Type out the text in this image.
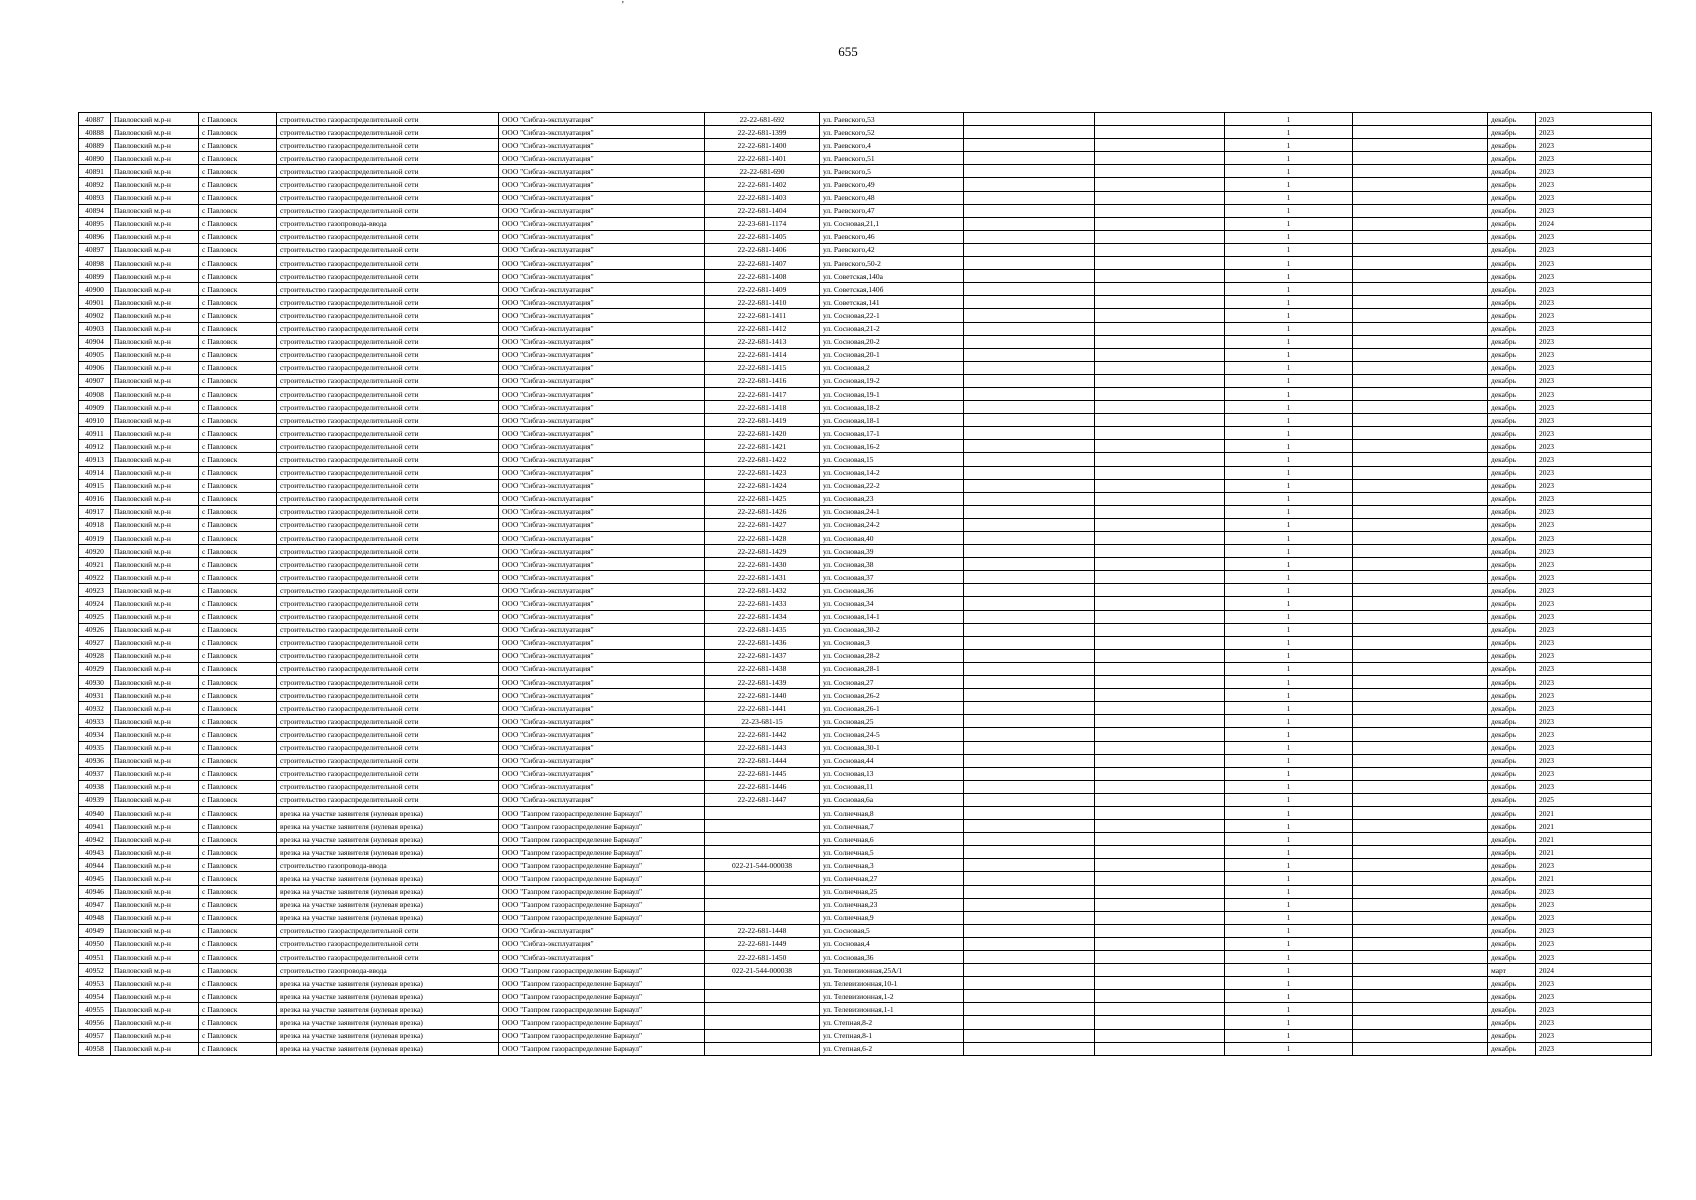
'
655
40887	Павловский м.р-н	с Павловск	строительство газораспределительной сети	ООО "Сибгаз-эксплуатация"	22-22-681-692	ул. Раевского,53			1		декабрь	2023
40888	Павловский м.р-н	с Павловск	строительство газораспределительной сети	ООО "Сибгаз-эксплуатация"	22-22-681-1399	ул. Раевского,52			1		декабрь	2023
40889	Павловский м.р-н	с Павловск	строительство газораспределительной сети	ООО "Сибгаз-эксплуатация"	22-22-681-1400	ул. Раевского,4			1		декабрь	2023
40890	Павловский м.р-н	с Павловск	строительство газораспределительной сети	ООО "Сибгаз-эксплуатация"	22-22-681-1401	ул. Раевского,51			1		декабрь	2023
40891	Павловский м.р-н	с Павловск	строительство газораспределительной сети	ООО "Сибгаз-эксплуатация"	22-22-681-690	ул. Раевского,5			1		декабрь	2023
40892	Павловский м.р-н	с Павловск	строительство газораспределительной сети	ООО "Сибгаз-эксплуатация"	22-22-681-1402	ул. Раевского,49			1		декабрь	2023
40893	Павловский м.р-н	с Павловск	строительство газораспределительной сети	ООО "Сибгаз-эксплуатация"	22-22-681-1403	ул. Раевского,48			1		декабрь	2023
40894	Павловский м.р-н	с Павловск	строительство газораспределительной сети	ООО "Сибгаз-эксплуатация"	22-22-681-1404	ул. Раевского,47			1		декабрь	2023
40895	Павловский м.р-н	с Павловск	строительство газопровода-ввода	ООО "Сибгаз-эксплуатация"	22-23-681-1174	ул. Сосновая,21,1			1		декабрь	2024
40896	Павловский м.р-н	с Павловск	строительство газораспределительной сети	ООО "Сибгаз-эксплуатация"	22-22-681-1405	ул. Раевского,46			1		декабрь	2023
40897	Павловский м.р-н	с Павловск	строительство газораспределительной сети	ООО "Сибгаз-эксплуатация"	22-22-681-1406	ул. Раевского,42			1		декабрь	2023
40898	Павловский м.р-н	с Павловск	строительство газораспределительной сети	ООО "Сибгаз-эксплуатация"	22-22-681-1407	ул. Раевского,50-2			1		декабрь	2023
40899	Павловский м.р-н	с Павловск	строительство газораспределительной сети	ООО "Сибгаз-эксплуатация"	22-22-681-1408	ул. Советская,140а			1		декабрь	2023
40900	Павловский м.р-н	с Павловск	строительство газораспределительной сети	ООО "Сибгаз-эксплуатация"	22-22-681-1409	ул. Советская,140б			1		декабрь	2023
40901	Павловский м.р-н	с Павловск	строительство газораспределительной сети	ООО "Сибгаз-эксплуатация"	22-22-681-1410	ул. Советская,141			1		декабрь	2023
40902	Павловский м.р-н	с Павловск	строительство газораспределительной сети	ООО "Сибгаз-эксплуатация"	22-22-681-1411	ул. Сосновая,22-1			1		декабрь	2023
40903	Павловский м.р-н	с Павловск	строительство газораспределительной сети	ООО "Сибгаз-эксплуатация"	22-22-681-1412	ул. Сосновая,21-2			1		декабрь	2023
40904	Павловский м.р-н	с Павловск	строительство газораспределительной сети	ООО "Сибгаз-эксплуатация"	22-22-681-1413	ул. Сосновая,20-2			1		декабрь	2023
40905	Павловский м.р-н	с Павловск	строительство газораспределительной сети	ООО "Сибгаз-эксплуатация"	22-22-681-1414	ул. Сосновая,20-1			1		декабрь	2023
40906	Павловский м.р-н	с Павловск	строительство газораспределительной сети	ООО "Сибгаз-эксплуатация"	22-22-681-1415	ул. Сосновая,2			1		декабрь	2023
40907	Павловский м.р-н	с Павловск	строительство газораспределительной сети	ООО "Сибгаз-эксплуатация"	22-22-681-1416	ул. Сосновая,19-2			1		декабрь	2023
40908	Павловский м.р-н	с Павловск	строительство газораспределительной сети	ООО "Сибгаз-эксплуатация"	22-22-681-1417	ул. Сосновая,19-1			1		декабрь	2023
40909	Павловский м.р-н	с Павловск	строительство газораспределительной сети	ООО "Сибгаз-эксплуатация"	22-22-681-1418	ул. Сосновая,18-2			1		декабрь	2023
40910	Павловский м.р-н	с Павловск	строительство газораспределительной сети	ООО "Сибгаз-эксплуатация"	22-22-681-1419	ул. Сосновая,18-1			1		декабрь	2023
40911	Павловский м.р-н	с Павловск	строительство газораспределительной сети	ООО "Сибгаз-эксплуатация"	22-22-681-1420	ул. Сосновая,17-1			1		декабрь	2023
40912	Павловский м.р-н	с Павловск	строительство газораспределительной сети	ООО "Сибгаз-эксплуатация"	22-22-681-1421	ул. Сосновая,16-2			1		декабрь	2023
40913	Павловский м.р-н	с Павловск	строительство газораспределительной сети	ООО "Сибгаз-эксплуатация"	22-22-681-1422	ул. Сосновая,15			1		декабрь	2023
40914	Павловский м.р-н	с Павловск	строительство газораспределительной сети	ООО "Сибгаз-эксплуатация"	22-22-681-1423	ул. Сосновая,14-2			1		декабрь	2023
40915	Павловский м.р-н	с Павловск	строительство газораспределительной сети	ООО "Сибгаз-эксплуатация"	22-22-681-1424	ул. Сосновая,22-2			1		декабрь	2023
40916	Павловский м.р-н	с Павловск	строительство газораспределительной сети	ООО "Сибгаз-эксплуатация"	22-22-681-1425	ул. Сосновая,23			1		декабрь	2023
40917	Павловский м.р-н	с Павловск	строительство газораспределительной сети	ООО "Сибгаз-эксплуатация"	22-22-681-1426	ул. Сосновая,24-1			1		декабрь	2023
40918	Павловский м.р-н	с Павловск	строительство газораспределительной сети	ООО "Сибгаз-эксплуатация"	22-22-681-1427	ул. Сосновая,24-2			1		декабрь	2023
40919	Павловский м.р-н	с Павловск	строительство газораспределительной сети	ООО "Сибгаз-эксплуатация"	22-22-681-1428	ул. Сосновая,40			1		декабрь	2023
40920	Павловский м.р-н	с Павловск	строительство газораспределительной сети	ООО "Сибгаз-эксплуатация"	22-22-681-1429	ул. Сосновая,39			1		декабрь	2023
40921	Павловский м.р-н	с Павловск	строительство газораспределительной сети	ООО "Сибгаз-эксплуатация"	22-22-681-1430	ул. Сосновая,38			1		декабрь	2023
40922	Павловский м.р-н	с Павловск	строительство газораспределительной сети	ООО "Сибгаз-эксплуатация"	22-22-681-1431	ул. Сосновая,37			1		декабрь	2023
40923	Павловский м.р-н	с Павловск	строительство газораспределительной сети	ООО "Сибгаз-эксплуатация"	22-22-681-1432	ул. Сосновая,36			1		декабрь	2023
40924	Павловский м.р-н	с Павловск	строительство газораспределительной сети	ООО "Сибгаз-эксплуатация"	22-22-681-1433	ул. Сосновая,34			1		декабрь	2023
40925	Павловский м.р-н	с Павловск	строительство газораспределительной сети	ООО "Сибгаз-эксплуатация"	22-22-681-1434	ул. Сосновая,14-1			1		декабрь	2023
40926	Павловский м.р-н	с Павловск	строительство газораспределительной сети	ООО "Сибгаз-эксплуатация"	22-22-681-1435	ул. Сосновая,30-2			1		декабрь	2023
40927	Павловский м.р-н	с Павловск	строительство газораспределительной сети	ООО "Сибгаз-эксплуатация"	22-22-681-1436	ул. Сосновая,3			1		декабрь	2023
40928	Павловский м.р-н	с Павловск	строительство газораспределительной сети	ООО "Сибгаз-эксплуатация"	22-22-681-1437	ул. Сосновая,28-2			1		декабрь	2023
40929	Павловский м.р-н	с Павловск	строительство газораспределительной сети	ООО "Сибгаз-эксплуатация"	22-22-681-1438	ул. Сосновая,28-1			1		декабрь	2023
40930	Павловский м.р-н	с Павловск	строительство газораспределительной сети	ООО "Сибгаз-эксплуатация"	22-22-681-1439	ул. Сосновая,27			1		декабрь	2023
40931	Павловский м.р-н	с Павловск	строительство газораспределительной сети	ООО "Сибгаз-эксплуатация"	22-22-681-1440	ул. Сосновая,26-2			1		декабрь	2023
40932	Павловский м.р-н	с Павловск	строительство газораспределительной сети	ООО "Сибгаз-эксплуатация"	22-22-681-1441	ул. Сосновая,26-1			1		декабрь	2023
40933	Павловский м.р-н	с Павловск	строительство газораспределительной сети	ООО "Сибгаз-эксплуатация"	22-23-681-15	ул. Сосновая,25			1		декабрь	2023
40934	Павловский м.р-н	с Павловск	строительство газораспределительной сети	ООО "Сибгаз-эксплуатация"	22-22-681-1442	ул. Сосновая,24-5			1		декабрь	2023
40935	Павловский м.р-н	с Павловск	строительство газораспределительной сети	ООО "Сибгаз-эксплуатация"	22-22-681-1443	ул. Сосновая,30-1			1		декабрь	2023
40936	Павловский м.р-н	с Павловск	строительство газораспределительной сети	ООО "Сибгаз-эксплуатация"	22-22-681-1444	ул. Сосновая,44			1		декабрь	2023
40937	Павловский м.р-н	с Павловск	строительство газораспределительной сети	ООО "Сибгаз-эксплуатация"	22-22-681-1445	ул. Сосновая,13			1		декабрь	2023
40938	Павловский м.р-н	с Павловск	строительство газораспределительной сети	ООО "Сибгаз-эксплуатация"	22-22-681-1446	ул. Сосновая,11			1		декабрь	2023
40939	Павловский м.р-н	с Павловск	строительство газораспределительной сети	ООО "Сибгаз-эксплуатация"	22-22-681-1447	ул. Сосновая,6а			1		декабрь	2025
40940	Павловский м.р-н	с Павловск	врезка на участке заявителя (нулевая врезка)	ООО "Газпром газораспределение Барнаул"		ул. Солнечная,8			1		декабрь	2021
40941	Павловский м.р-н	с Павловск	врезка на участке заявителя (нулевая врезка)	ООО "Газпром газораспределение Барнаул"		ул. Солнечная,7			1		декабрь	2021
40942	Павловский м.р-н	с Павловск	врезка на участке заявителя (нулевая врезка)	ООО "Газпром газораспределение Барнаул"		ул. Солнечная,6			1		декабрь	2021
40943	Павловский м.р-н	с Павловск	врезка на участке заявителя (нулевая врезка)	ООО "Газпром газораспределение Барнаул"		ул. Солнечная,5			1		декабрь	2021
40944	Павловский м.р-н	с Павловск	строительство газопровода-ввода	ООО "Газпром газораспределение Барнаул"	022-21-544-000038	ул. Солнечная,3			1		декабрь	2023
40945	Павловский м.р-н	с Павловск	врезка на участке заявителя (нулевая врезка)	ООО "Газпром газораспределение Барнаул"		ул. Солнечная,27			1		декабрь	2021
40946	Павловский м.р-н	с Павловск	врезка на участке заявителя (нулевая врезка)	ООО "Газпром газораспределение Барнаул"		ул. Солнечная,25			1		декабрь	2023
40947	Павловский м.р-н	с Павловск	врезка на участке заявителя (нулевая врезка)	ООО "Газпром газораспределение Барнаул"		ул. Солнечная,23			1		декабрь	2023
40948	Павловский м.р-н	с Павловск	врезка на участке заявителя (нулевая врезка)	ООО "Газпром газораспределение Барнаул"		ул. Солнечная,9			1		декабрь	2023
40949	Павловский м.р-н	с Павловск	строительство газораспределительной сети	ООО "Сибгаз-эксплуатация"	22-22-681-1448	ул. Сосновая,5			1		декабрь	2023
40950	Павловский м.р-н	с Павловск	строительство газораспределительной сети	ООО "Сибгаз-эксплуатация"	22-22-681-1449	ул. Сосновая,4			1		декабрь	2023
40951	Павловский м.р-н	с Павловск	строительство газораспределительной сети	ООО "Сибгаз-эксплуатация"	22-22-681-1450	ул. Сосновая,36			1		декабрь	2023
40952	Павловский м.р-н	с Павловск	строительство газопровода-ввода	ООО "Газпром газораспределение Барнаул"	022-21-544-000038	ул. Телевизионная,25А/1			1		март	2024
40953	Павловский м.р-н	с Павловск	врезка на участке заявителя (нулевая врезка)	ООО "Газпром газораспределение Барнаул"		ул. Телевизионная,10-1			1		декабрь	2023
40954	Павловский м.р-н	с Павловск	врезка на участке заявителя (нулевая врезка)	ООО "Газпром газораспределение Барнаул"		ул. Телевизионная,1-2			1		декабрь	2023
40955	Павловский м.р-н	с Павловск	врезка на участке заявителя (нулевая врезка)	ООО "Газпром газораспределение Барнаул"		ул. Телевизионная,1-1			1		декабрь	2023
40956	Павловский м.р-н	с Павловск	врезка на участке заявителя (нулевая врезка)	ООО "Газпром газораспределение Барнаул"		ул. Степная,8-2			1		декабрь	2023
40957	Павловский м.р-н	с Павловск	врезка на участке заявителя (нулевая врезка)	ООО "Газпром газораспределение Барнаул"		ул. Степная,8-1			1		декабрь	2023
40958	Павловский м.р-н	с Павловск	врезка на участке заявителя (нулевая врезка)	ООО "Газпром газораспределение Барнаул"		ул. Степная,6-2			1		декабрь	2023
